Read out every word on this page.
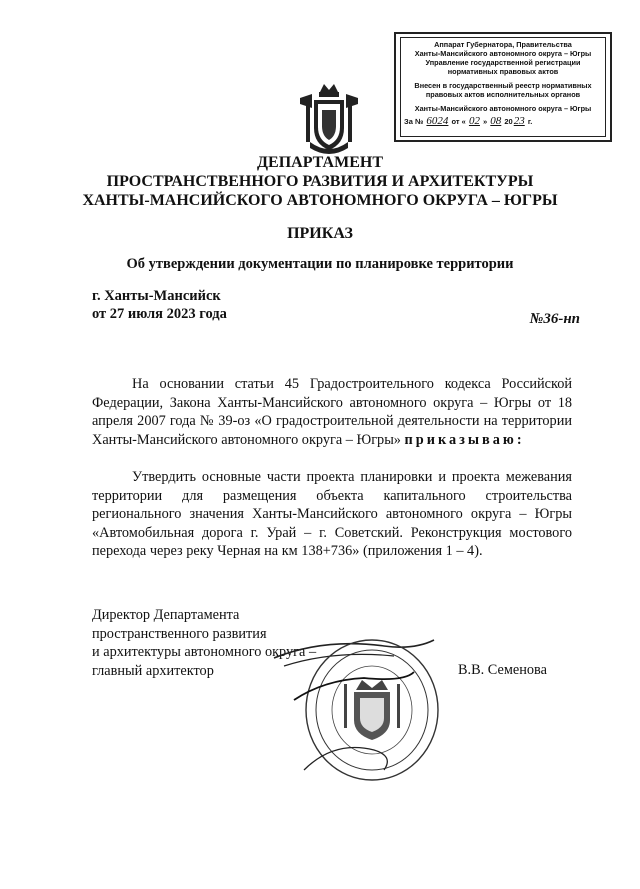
Аппарат Губернатора, Правительства
Ханты-Мансийского автономного округа – Югры
Управление государственной регистрации
нормативных правовых актов
Внесен в государственный реестр нормативных
правовых актов исполнительных органов
Ханты-Мансийского автономного округа – Югры
За № 6024 от « 02 » 08 2023 г.
ДЕПАРТАМЕНТ
ПРОСТРАНСТВЕННОГО РАЗВИТИЯ И АРХИТЕКТУРЫ
ХАНТЫ-МАНСИЙСКОГО АВТОНОМНОГО ОКРУГА – ЮГРЫ
ПРИКАЗ
Об утверждении документации по планировке территории
г. Ханты-Мансийск
от 27 июля 2023 года	№36-нп
На основании статьи 45 Градостроительного кодекса Российской Федерации, Закона Ханты-Мансийского автономного округа – Югры от 18 апреля 2007 года № 39-оз «О градостроительной деятельности на территории Ханты-Мансийского автономного округа – Югры» приказываю:
Утвердить основные части проекта планировки и проекта межевания территории для размещения объекта капитального строительства регионального значения Ханты-Мансийского автономного округа – Югры «Автомобильная дорога г. Урай – г. Советский. Реконструкция мостового перехода через реку Черная на км 138+736» (приложения 1 – 4).
Директор Департамента
пространственного развития
и архитектуры автономного округа –
главный архитектор	В.В. Семенова
